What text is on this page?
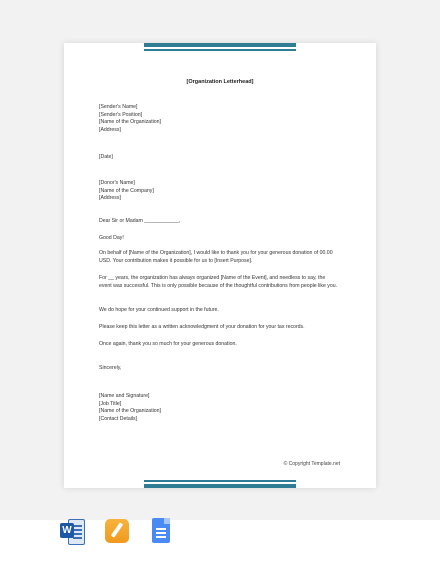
[Organization Letterhead]
[Sender's Name]
[Sender's Position]
[Name of the Organization]
[Address]
[Date]
[Donor's Name]
[Name of the Company]
[Address]
Dear Sir or Madam ____________,
Good Day!
On behalf of [Name of the Organization], I would like to thank you for your generous donation of 00.00 USD. Your contribution makes it possible for us to [Insert Purpose].
For __ years, the organization has always organized [Name of the Event], and needless to say, the event was successful. This is only possible because of the thoughtful contributions from people like you.
We do hope for your continued support in the future.
Please keep this letter as a written acknowledgment of your donation for your tax records.
Once again, thank you so much for your generous donation.
Sincerely,
[Name and Signature]
[Job Title]
[Name of the Organization]
[Contact Details]
© Copyright Template.net
W
